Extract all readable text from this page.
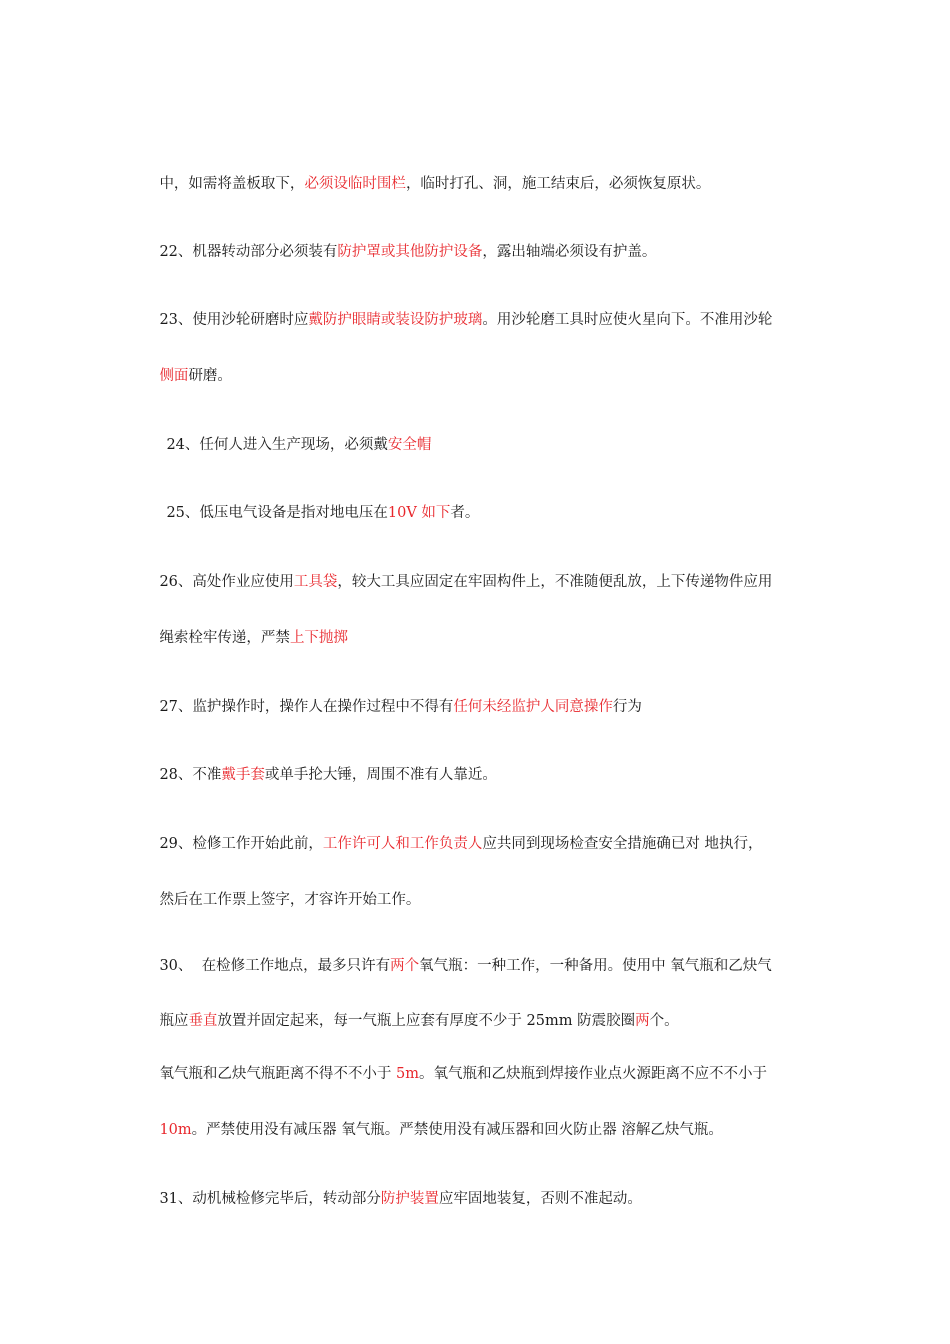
中，如需将盖板取下，必须设临时围栏，临时打孔、洞，施工结束后，必须恢复原状。

22、机器转动部分必须装有防护罩或其他防护设备，露出轴端必须设有护盖。

23、使用沙轮研磨时应戴防护眼睛或装设防护玻璃。用沙轮磨工具时应使火星向下。不准用沙轮

侧面研磨。

24、任何人进入生产现场，必须戴安全帽

25、低压电气设备是指对地电压在10V 如下者。

26、高处作业应使用工具袋，较大工具应固定在牢固构件上，不准随便乱放，上下传递物件应用

绳索栓牢传递，严禁上下抛掷

27、监护操作时，操作人在操作过程中不得有任何未经监护人同意操作行为

28、不准戴手套或单手抡大锤，周围不准有人靠近。

29、检修工作开始此前，工作许可人和工作负责人应共同到现场检查安全措施确已对 地执行，

然后在工作票上签字，才容许开始工作。

30、  在检修工作地点，最多只许有两个氧气瓶：一种工作，一种备用。使用中 氧气瓶和乙炔气

瓶应垂直放置并固定起来，每一气瓶上应套有厚度不少于 25mm 防震胶圈两个。

氧气瓶和乙炔气瓶距离不得不不小于 5m。氧气瓶和乙炔瓶到焊接作业点火源距离不应不不小于

10m。严禁使用没有减压器 氧气瓶。严禁使用没有减压器和回火防止器 溶解乙炔气瓶。

31、动机械检修完毕后，转动部分防护装置应牢固地装复，否则不准起动。
